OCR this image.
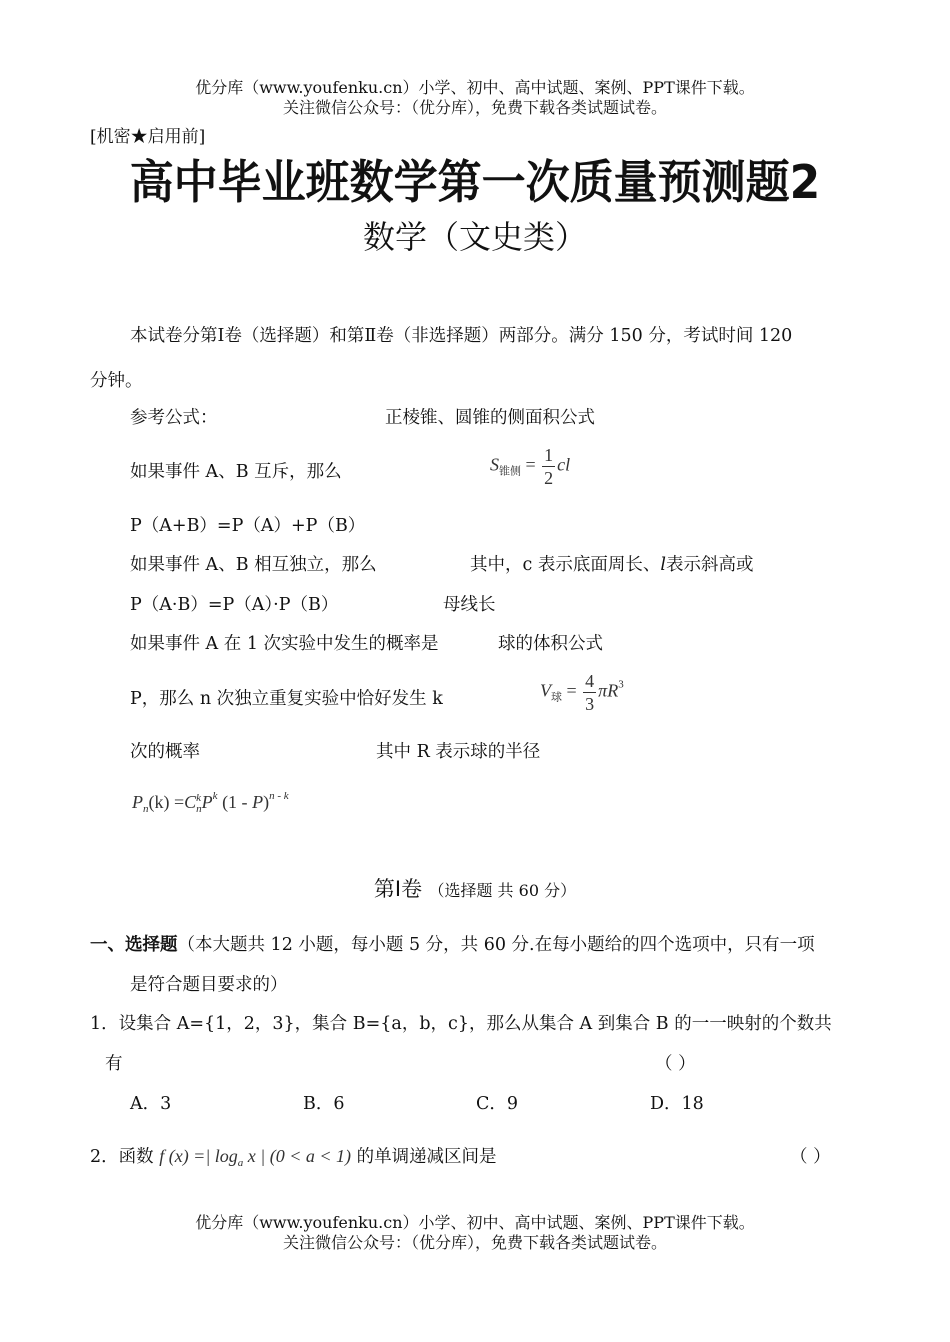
优分库（www.youfenku.cn）小学、初中、高中试题、案例、PPT课件下载。
关注微信公众号：（优分库），免费下载各类试题试卷。
[机密★启用前]
高中毕业班数学第一次质量预测题2
数学（文史类）
本试卷分第Ⅰ卷（选择题）和第Ⅱ卷（非选择题）两部分。满分 150 分，考试时间 120
分钟。
参考公式：	正棱锥、圆锥的侧面积公式
如果事件 A、B 互斥，那么	$S_{锥侧} = \frac{1}{2}$ cl
P（A+B）=P（A）+P（B）
如果事件 A、B 相互独立，那么	其中，c 表示底面周长、l表示斜高或
P（A·B）=P（A）·P（B）	母线长
如果事件 A 在 1 次实验中发生的概率是	球的体积公式
P，那么 n 次独立重复实验中恰好发生 k	$V_球 = \frac{4}{3} \pi R^3$
次的概率	其中 R 表示球的半径
$P_n(k) =C$ k
n $P^k$ (1 - P)$^{n - k}$
第Ⅰ卷 （选择题 共 60 分）
一、选择题（本大题共 12 小题，每小题 5 分，共 60 分.在每小题给的四个选项中，只有一项
是符合题目要求的）
1．设集合 A={1，2，3}，集合 B={a，b，c}，那么从集合 A 到集合 B 的一一映射的个数共
有	（ ）
A．3	B．6	C．9	D．18
2．函数 f (x) =| $\log_a x$ | (0 < a < 1) 的单调递减区间是	（ ）
优分库（www.youfenku.cn）小学、初中、高中试题、案例、PPT课件下载。
关注微信公众号：（优分库），免费下载各类试题试卷。
